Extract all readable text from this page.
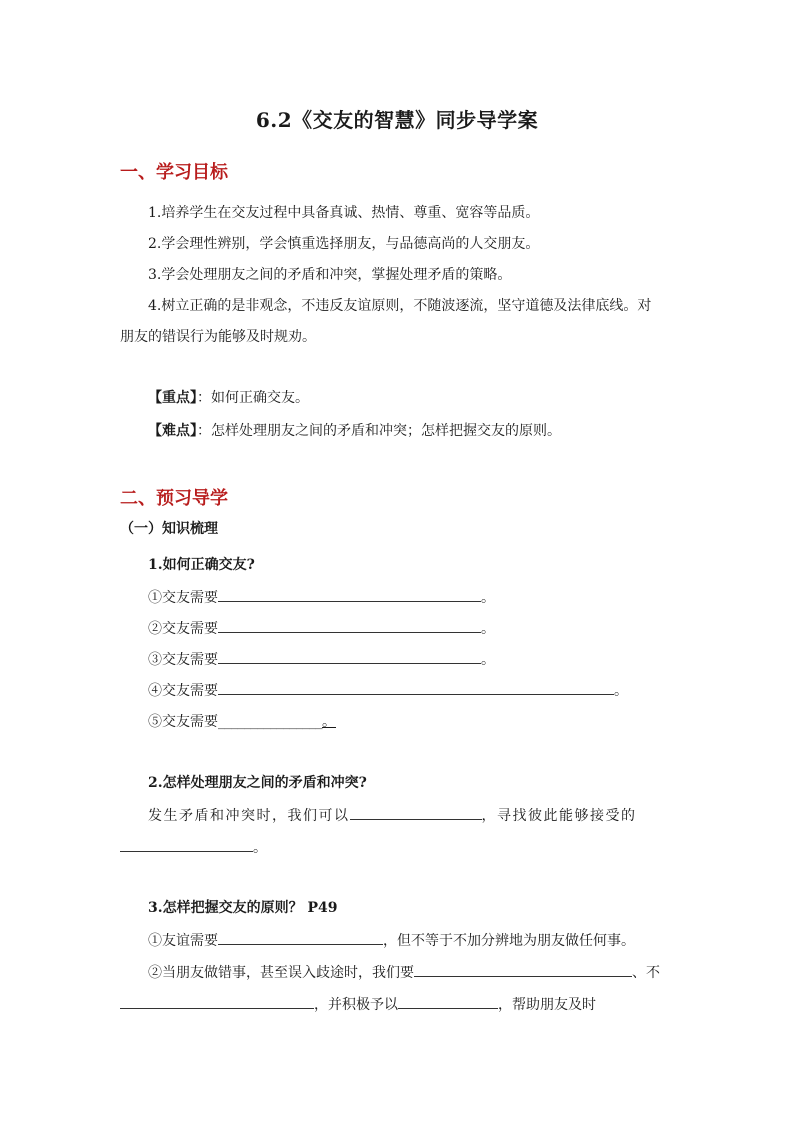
6.2《交友的智慧》同步导学案
一、学习目标
1.培养学生在交友过程中具备真诚、热情、尊重、宽容等品质。
2.学会理性辨别，学会慎重选择朋友，与品德高尚的人交朋友。
3.学会处理朋友之间的矛盾和冲突，掌握处理矛盾的策略。
4.树立正确的是非观念，不违反友谊原则，不随波逐流，坚守道德及法律底线。对
朋友的错误行为能够及时规劝。
【重点】：如何正确交友。
【难点】：怎样处理朋友之间的矛盾和冲突；怎样把握交友的原则。
二、预习导学
（一）知识梳理
1.如何正确交友?
①交友需要	。
②交友需要	。
③交友需要	。
④交友需要	。
⑤交友需要________________。
2.怎样处理朋友之间的矛盾和冲突?
发生矛盾和冲突时，我们可以	，寻找彼此能够接受的
。
3.怎样把握交友的原则？ P49
①友谊需要	，但不等于不加分辨地为朋友做任何事。
②当朋友做错事，甚至误入歧途时，我们要	、不
，并积极予以	，帮助朋友及时
